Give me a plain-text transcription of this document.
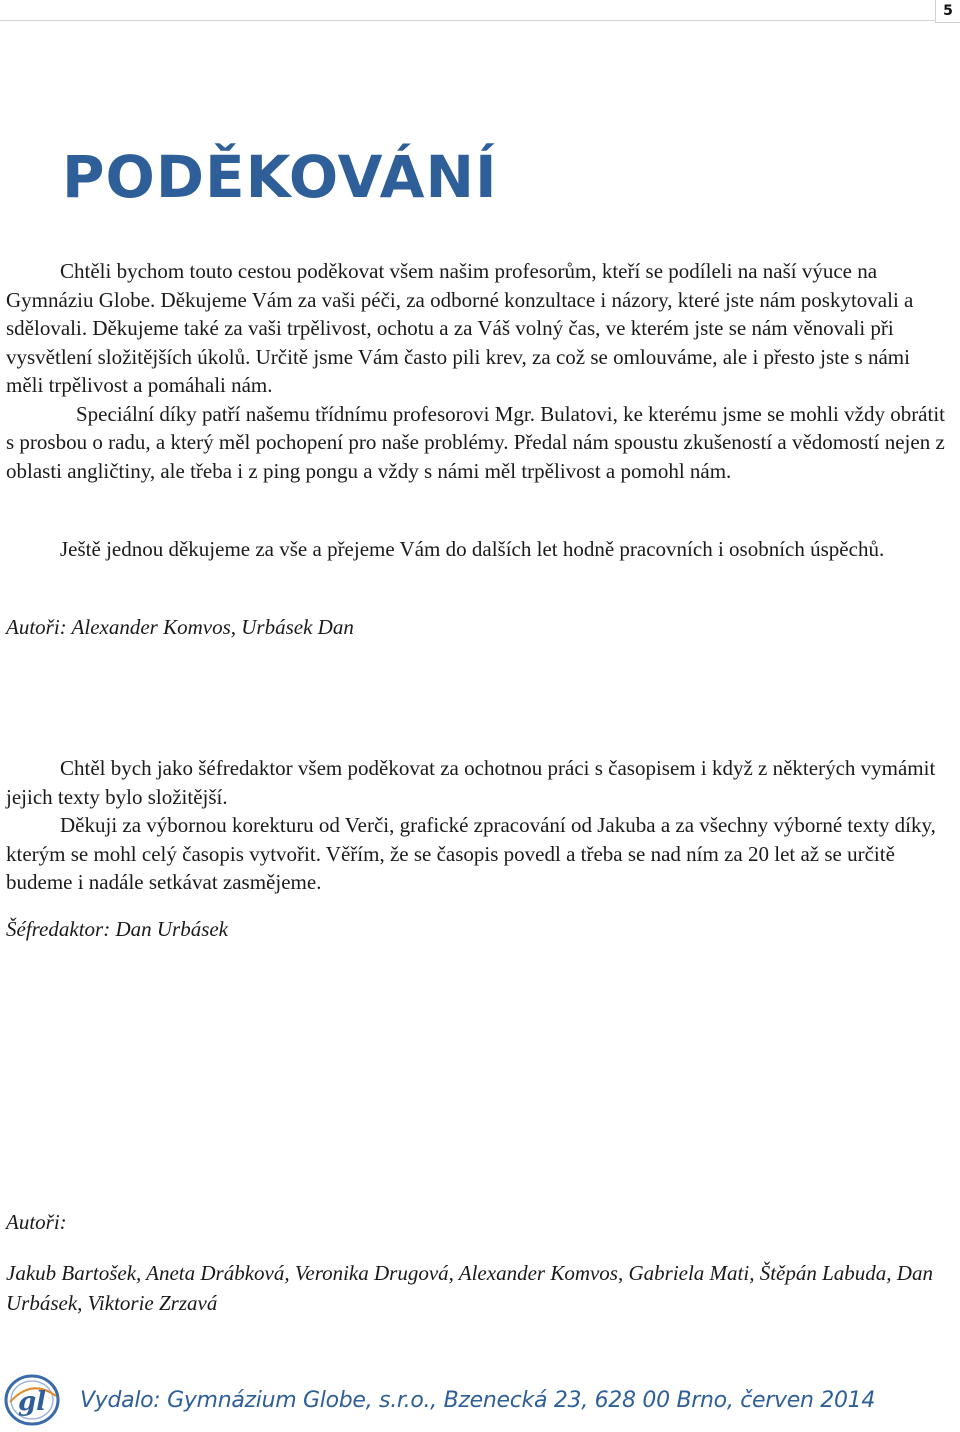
5
PODĚKOVÁNÍ

Chtěli bychom touto cestou poděkovat všem našim profesorům, kteří se podíleli na naší výuce na Gymnáziu Globe. Děkujeme Vám za vaši péči, za odborné konzultace i názory, které jste nám poskytovali a sdělovali. Děkujeme také za vaši trpělivost, ochotu a za Váš volný čas, ve kterém jste se nám věnovali při vysvětlení složitějších úkolů. Určitě jsme Vám často pili krev, za což se omlouváme, ale i přesto jste s námi měli trpělivost a pomáhali nám.

Speciální díky patří našemu třídnímu profesorovi Mgr. Bulatovi, ke kterému jsme se mohli vždy obrátit s prosbou o radu, a který měl pochopení pro naše problémy. Předal nám spoustu zkušeností a vědomostí nejen z oblasti angličtiny, ale třeba i z ping pongu a vždy s námi měl trpělivost a pomohl nám.

Ještě jednou děkujeme za vše a přejeme Vám do dalších let hodně pracovních i osobních úspěchů.

Autoři: Alexander Komvos, Urbásek Dan

Chtěl bych jako šéfredaktor všem poděkovat za ochotnou práci s časopisem i když z některých vymámit jejich texty bylo složitější.

Děkuji za výbornou korekturu od Verči, grafické zpracování od Jakuba a za všechny výborné texty díky, kterým se mohl celý časopis vytvořit. Věřím, že se časopis povedl a třeba se nad ním za 20 let až se určitě budeme i nadále setkávat zasmějeme.

Šéfredaktor: Dan Urbásek

Autoři:

Jakub Bartošek, Aneta Drábková, Veronika Drugová, Alexander Komvos, Gabriela Mati, Štěpán Labuda, Dan Urbásek, Viktorie Zrzavá

gl Vydalo: Gymnázium Globe, s.r.o., Bzenecká 23, 628 00 Brno, červen 2014
